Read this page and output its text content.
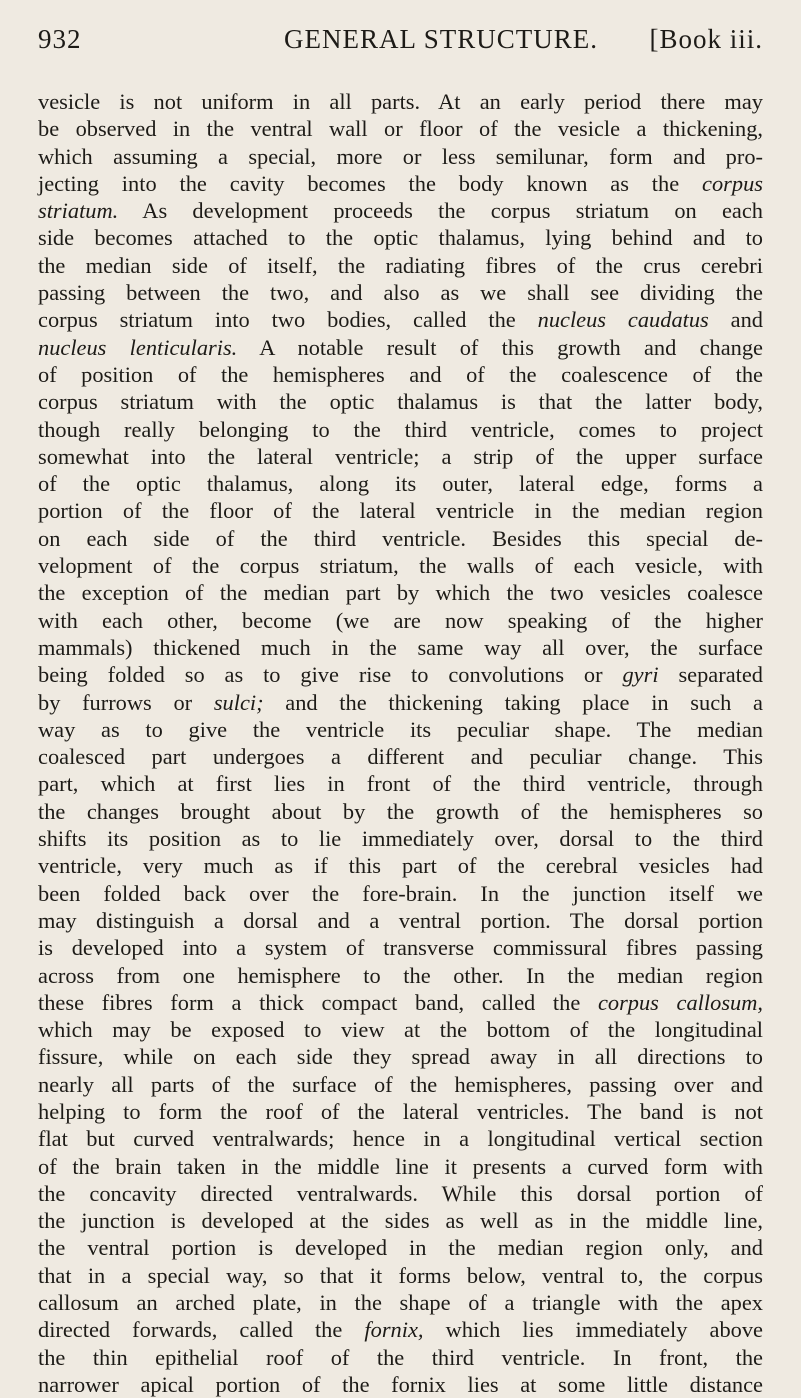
932	GENERAL STRUCTURE. [Book iii.
vesicle is not uniform in all parts. At an early period there may
be observed in the ventral wall or floor of the vesicle a thickening,
which assuming a special, more or less semilunar, form and pro-
jecting into the cavity becomes the body known as the corpus
striatum. As development proceeds the corpus striatum on each
side becomes attached to the optic thalamus, lying behind and to
the median side of itself, the radiating fibres of the crus cerebri
passing between the two, and also as we shall see dividing the
corpus striatum into two bodies, called the nucleus caudatus and
nucleus lenticularis. A notable result of this growth and change
of position of the hemispheres and of the coalescence of the
corpus striatum with the optic thalamus is that the latter body,
though really belonging to the third ventricle, comes to project
somewhat into the lateral ventricle; a strip of the upper surface
of the optic thalamus, along its outer, lateral edge, forms a
portion of the floor of the lateral ventricle in the median region
on each side of the third ventricle. Besides this special de-
velopment of the corpus striatum, the walls of each vesicle, with
the exception of the median part by which the two vesicles coalesce
with each other, become (we are now speaking of the higher
mammals) thickened much in the same way all over, the surface
being folded so as to give rise to convolutions or gyri separated
by furrows or sulci; and the thickening taking place in such a
way as to give the ventricle its peculiar shape. The median
coalesced part undergoes a different and peculiar change. This
part, which at first lies in front of the third ventricle, through
the changes brought about by the growth of the hemispheres so
shifts its position as to lie immediately over, dorsal to the third
ventricle, very much as if this part of the cerebral vesicles had
been folded back over the fore-brain. In the junction itself we
may distinguish a dorsal and a ventral portion. The dorsal portion
is developed into a system of transverse commissural fibres passing
across from one hemisphere to the other. In the median region
these fibres form a thick compact band, called the corpus callosum,
which may be exposed to view at the bottom of the longitudinal
fissure, while on each side they spread away in all directions to
nearly all parts of the surface of the hemispheres, passing over and
helping to form the roof of the lateral ventricles. The band is not
flat but curved ventralwards; hence in a longitudinal vertical section
of the brain taken in the middle line it presents a curved form with
the concavity directed ventralwards. While this dorsal portion of
the junction is developed at the sides as well as in the middle line,
the ventral portion is developed in the median region only, and
that in a special way, so that it forms below, ventral to, the corpus
callosum an arched plate, in the shape of a triangle with the apex
directed forwards, called the fornix, which lies immediately above
the thin epithelial roof of the third ventricle. In front, the
narrower apical portion of the fornix lies at some little distance
